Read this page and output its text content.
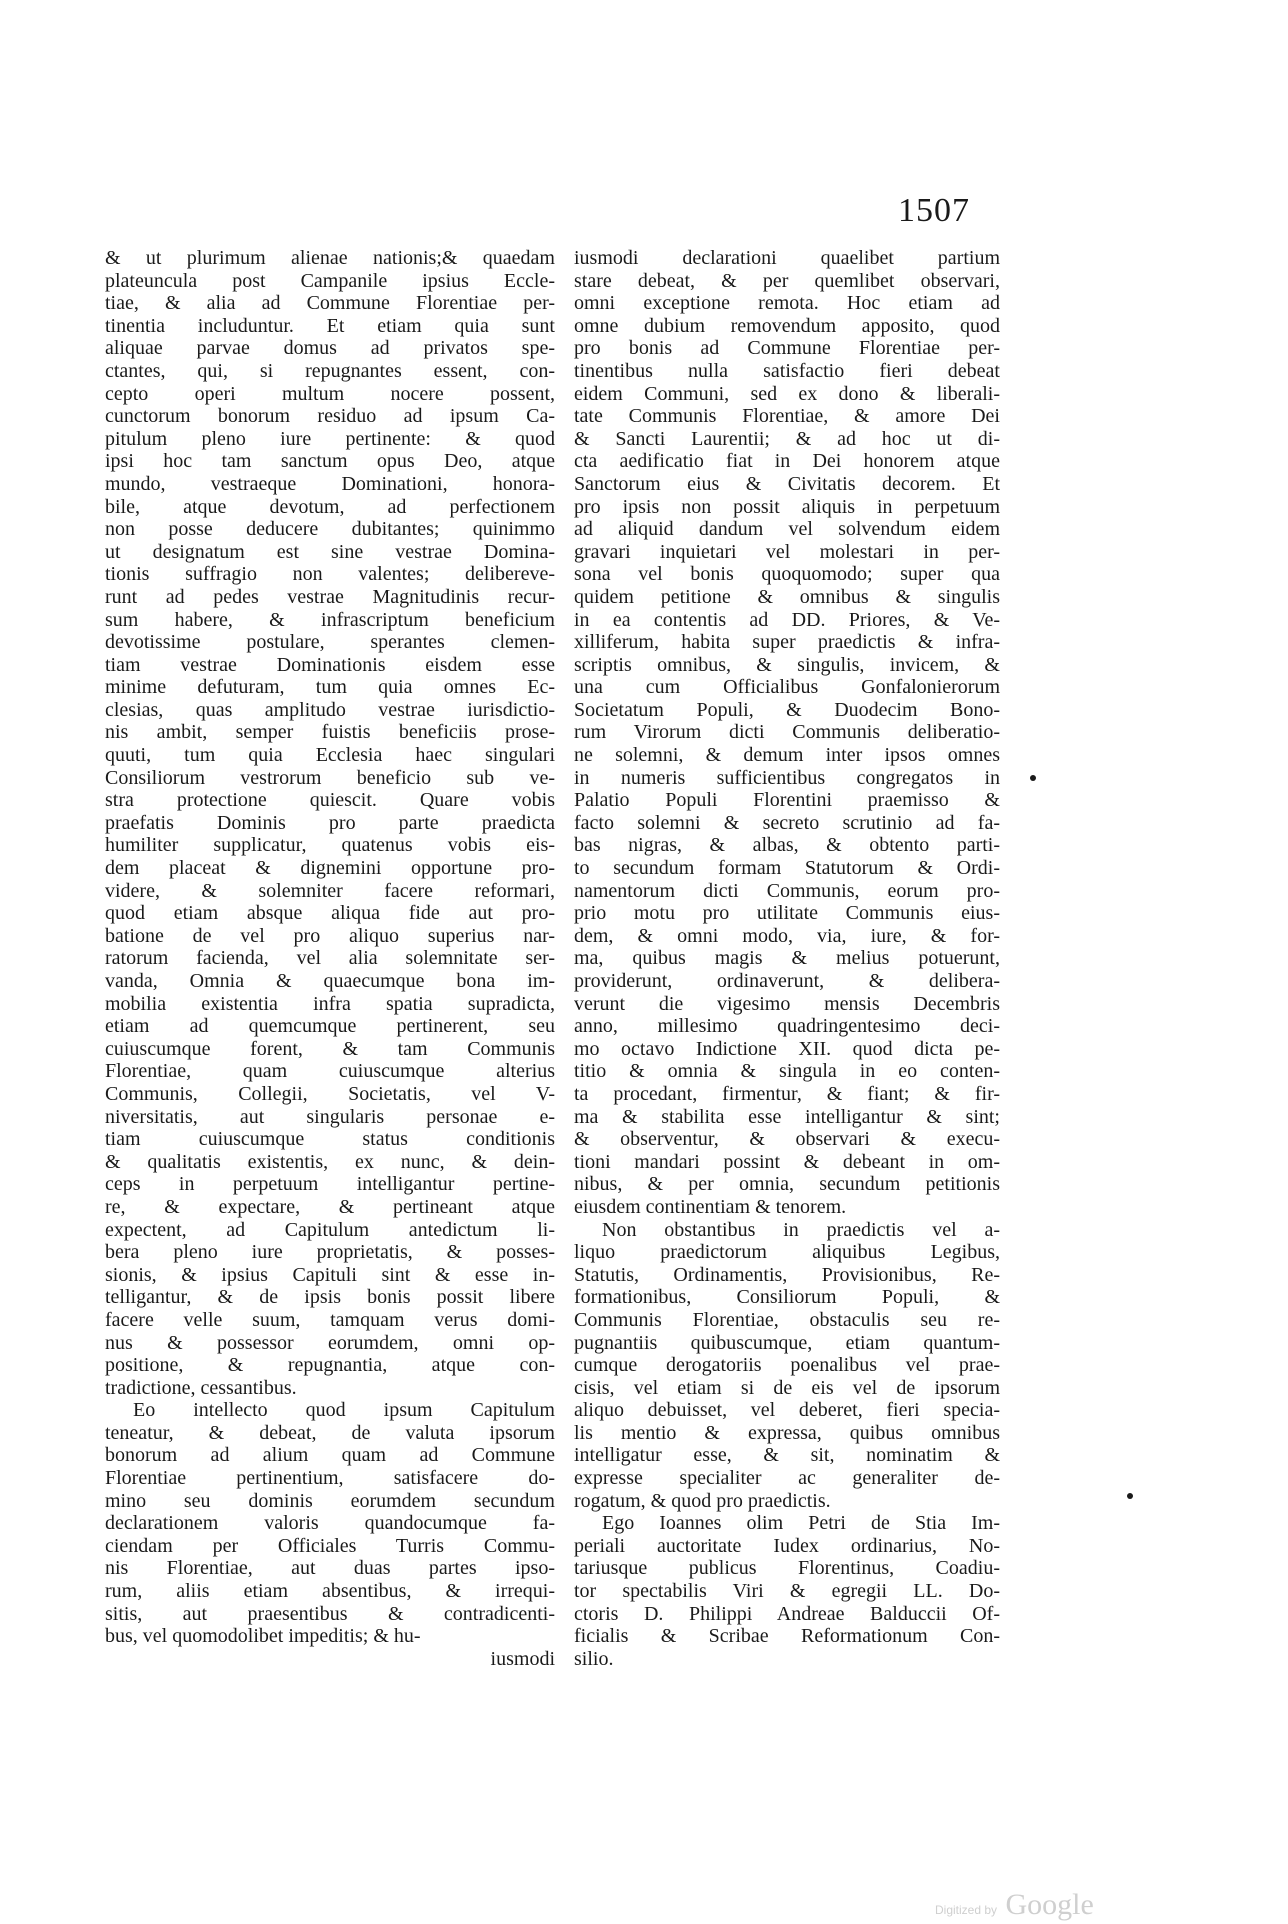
1507
& ut plurimum alienae nationis;& quaedam
plateuncula post Campanile ipsius Eccle-
tiae, & alia ad Commune Florentiae per-
tinentia includuntur. Et etiam quia sunt
aliquae parvae domus ad privatos spe-
ctantes, qui, si repugnantes essent, con-
cepto operi multum nocere possent,
cunctorum bonorum residuo ad ipsum Ca-
pitulum pleno iure pertinente: & quod
ipsi hoc tam sanctum opus Deo, atque
mundo, vestraeque Dominationi, honora-
bile, atque devotum, ad perfectionem
non posse deducere dubitantes; quinimmo
ut designatum est sine vestrae Domina-
tionis suffragio non valentes; delibereve-
runt ad pedes vestrae Magnitudinis recur-
sum habere, & infrascriptum beneficium
devotissime postulare, sperantes clemen-
tiam vestrae Dominationis eisdem esse
minime defuturam, tum quia omnes Ec-
clesias, quas amplitudo vestrae iurisdictio-
nis ambit, semper fuistis beneficiis prose-
quuti, tum quia Ecclesia haec singulari
Consiliorum vestrorum beneficio sub ve-
stra protectione quiescit. Quare vobis
praefatis Dominis pro parte praedicta
humiliter supplicatur, quatenus vobis eis-
dem placeat & dignemini opportune pro-
videre, & solemniter facere reformari,
quod etiam absque aliqua fide aut pro-
batione de vel pro aliquo superius nar-
ratorum facienda, vel alia solemnitate ser-
vanda, Omnia & quaecumque bona im-
mobilia existentia infra spatia supradicta,
etiam ad quemcumque pertinerent, seu
cuiuscumque forent, & tam Communis
Florentiae, quam cuiuscumque alterius
Communis, Collegii, Societatis, vel V-
niversitatis, aut singularis personae e-
tiam cuiuscumque status conditionis
& qualitatis existentis, ex nunc, & dein-
ceps in perpetuum intelligantur pertine-
re, & expectare, & pertineant atque
expectent, ad Capitulum antedictum li-
bera pleno iure proprietatis, & posses-
sionis, & ipsius Capituli sint & esse in-
telligantur, & de ipsis bonis possit libere
facere velle suum, tamquam verus domi-
nus & possessor eorumdem, omni op-
positione, & repugnantia, atque con-
tradictione, cessantibus.
Eo intellecto quod ipsum Capitulum
teneatur, & debeat, de valuta ipsorum
bonorum ad alium quam ad Commune
Florentiae pertinentium, satisfacere do-
mino seu dominis eorumdem secundum
declarationem valoris quandocumque fa-
ciendam per Officiales Turris Commu-
nis Florentiae, aut duas partes ipso-
rum, aliis etiam absentibus, & irrequi-
sitis, aut praesentibus & contradicenti-
bus, vel quomodolibet impeditis; & hu-
iusmodi
iusmodi declarationi quaelibet partium
stare debeat, & per quemlibet observari,
omni exceptione remota. Hoc etiam ad
omne dubium removendum apposito, quod
pro bonis ad Commune Florentiae per-
tinentibus nulla satisfactio fieri debeat
eidem Communi, sed ex dono & liberali-
tate Communis Florentiae, & amore Dei
& Sancti Laurentii; & ad hoc ut di-
cta aedificatio fiat in Dei honorem atque
Sanctorum eius & Civitatis decorem. Et
pro ipsis non possit aliquis in perpetuum
ad aliquid dandum vel solvendum eidem
gravari inquietari vel molestari in per-
sona vel bonis quoquomodo; super qua
quidem petitione & omnibus & singulis
in ea contentis ad DD. Priores, & Ve-
xilliferum, habita super praedictis & infra-
scriptis omnibus, & singulis, invicem, &
una cum Officialibus Gonfalonierorum
Societatum Populi, & Duodecim Bono-
rum Virorum dicti Communis deliberatio-
ne solemni, & demum inter ipsos omnes
in numeris sufficientibus congregatos in
Palatio Populi Florentini praemisso &
facto solemni & secreto scrutinio ad fa-
bas nigras, & albas, & obtento parti-
to secundum formam Statutorum & Ordi-
namentorum dicti Communis, eorum pro-
prio motu pro utilitate Communis eius-
dem, & omni modo, via, iure, & for-
ma, quibus magis & melius potuerunt,
providerunt, ordinaverunt, & delibera-
verunt die vigesimo mensis Decembris
anno, millesimo quadringentesimo deci-
mo octavo Indictione XII. quod dicta pe-
titio & omnia & singula in eo conten-
ta procedant, firmentur, & fiant; & fir-
ma & stabilita esse intelligantur & sint;
& observentur, & observari & execu-
tioni mandari possint & debeant in om-
nibus, & per omnia, secundum petitionis
eiusdem continentiam & tenorem.
Non obstantibus in praedictis vel a-
liquo praedictorum aliquibus Legibus,
Statutis, Ordinamentis, Provisionibus, Re-
formationibus, Consiliorum Populi, &
Communis Florentiae, obstaculis seu re-
pugnantiis quibuscumque, etiam quantum-
cumque derogatoriis poenalibus vel prae-
cisis, vel etiam si de eis vel de ipsorum
aliquo debuisset, vel deberet, fieri specia-
lis mentio & expressa, quibus omnibus
intelligatur esse, & sit, nominatim &
expresse specialiter ac generaliter de-
rogatum, & quod pro praedictis.
Ego Ioannes olim Petri de Stia Im-
periali auctoritate Iudex ordinarius, No-
tariusque publicus Florentinus, Coadiu-
tor spectabilis Viri & egregii LL. Do-
ctoris D. Philippi Andreae Balduccii Of-
ficialis & Scribae Reformationum Con-
silio.
Digitized by Google
